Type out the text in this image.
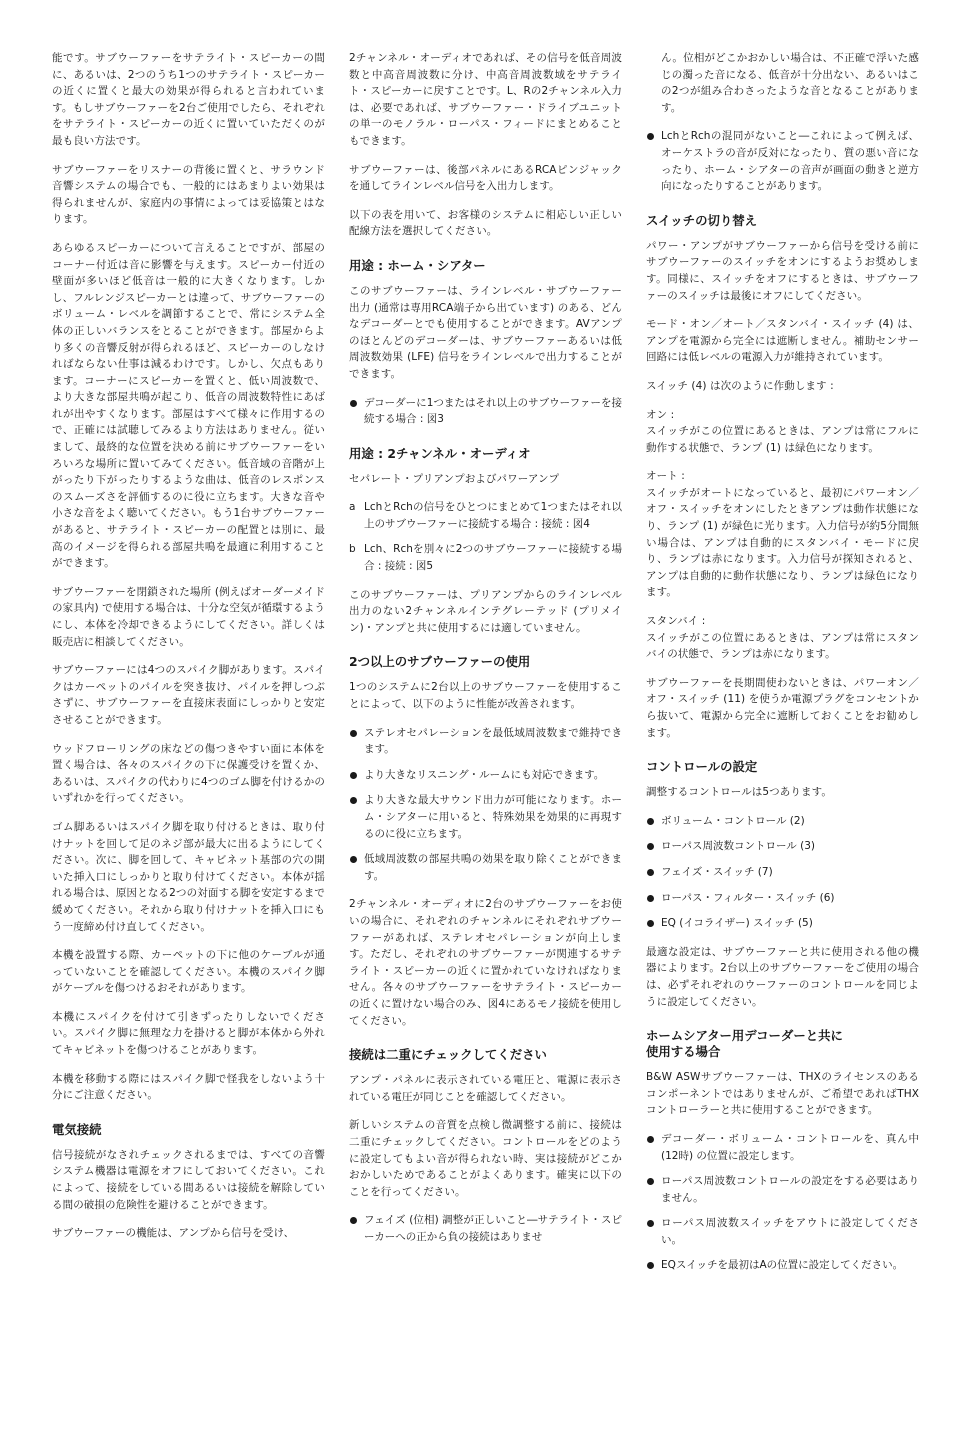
能です。サブウーファーをサテライト・スピーカーの間に、あるいは、2つのうち1つのサテライト・スピーカーの近くに置くと最大の効果が得られると言われています。もしサブウーファーを2台ご使用でしたら、それぞれをサテライト・スピーカーの近くに置いていただくのが最も良い方法です。

サブウーファーをリスナーの背後に置くと、サラウンド音響システムの場合でも、一般的にはあまりよい効果は得られませんが、家庭内の事情によっては妥協策とはなります。

あらゆるスピーカーについて言えることですが、部屋のコーナー付近は音に影響を与えます。スピーカー付近の壁面が多いほど低音は一般的に大きくなります。しかし、フルレンジスピーカーとは違って、サブウーファーのボリューム・レベルを調節することで、常にシステム全体の正しいバランスをとることができます。部屋からより多くの音響反射が得られるほど、スピーカーのしなければならない仕事は減るわけです。しかし、欠点もあります。コーナーにスピーカーを置くと、低い周波数で、より大きな部屋共鳴が起こり、低音の周波数特性にあばれが出やすくなります。部屋はすべて様々に作用するので、正確には試聴してみるより方法はありません。従いまして、最終的な位置を決める前にサブウーファーをいろいろな場所に置いてみてください。低音域の音階が上がったり下がったりするような曲は、低音のレスポンスのスムーズさを評価するのに役に立ちます。大きな音や小さな音をよく聴いてください。もう1台サブウーファーがあると、サテライト・スピーカーの配置とは別に、最高のイメージを得られる部屋共鳴を最適に利用することができます。

サブウーファーを閉鎖された場所 (例えばオーダーメイドの家具内) で使用する場合は、十分な空気が循環するようにし、本体を冷却できるようにしてください。詳しくは販売店に相談してください。

サブウーファーには4つのスパイク脚があります。スパイクはカーペットのパイルを突き抜け、パイルを押しつぶさずに、サブウーファーを直接床表面にしっかりと安定させることができます。

ウッドフローリングの床などの傷つきやすい面に本体を置く場合は、各々のスパイクの下に保護受けを置くか、あるいは、スパイクの代わりに4つのゴム脚を付けるかのいずれかを行ってください。

ゴム脚あるいはスパイク脚を取り付けるときは、取り付けナットを回して足のネジ部が最大に出るようにしてください。次に、脚を回して、キャビネット基部の穴の開いた挿入口にしっかりと取り付けてください。本体が揺れる場合は、原因となる2つの対面する脚を安定するまで緩めてください。それから取り付けナットを挿入口にもう一度締め付け直してください。

本機を設置する際、カーペットの下に他のケーブルが通っていないことを確認してください。本機のスパイク脚がケーブルを傷つけるおそれがあります。

本機にスパイクを付けて引きずったりしないでください。スパイク脚に無理な力を掛けると脚が本体から外れてキャビネットを傷つけることがあります。

本機を移動する際にはスパイク脚で怪我をしないよう十分にご注意ください。

電気接続

信号接続がなされチェックされるまでは、すべての音響システム機器は電源をオフにしておいてください。これによって、接続をしている間あるいは接続を解除している間の破損の危険性を避けることができます。

サブウーファーの機能は、アンプから信号を受け、

2チャンネル・オーディオであれば、その信号を低音周波数と中高音周波数に分け、中高音周波数域をサテライト・スピーカーに戻すことです。L、Rの2チャンネル入力は、必要であれば、サブウーファー・ドライブユニットの単一のモノラル・ローパス・フィードにまとめることもできます。

サブウーファーは、後部パネルにあるRCAピンジャックを通してラインレベル信号を入出力します。

以下の表を用いて、お客様のシステムに相応しい正しい配線方法を選択してください。

用途 : ホーム・シアター

このサブウーファーは、ラインレベル・サブウーファー出力 (通常は専用RCA端子から出ています) のある、どんなデコーダーとでも使用することができます。AVアンプのほとんどのデコーダーは、サブウーファーあるいは低周波数効果 (LFE) 信号をラインレベルで出力することができます。

デコーダーに1つまたはそれ以上のサブウーファーを接続する場合 : 図3
用途 : 2チャンネル・オーディオ

セパレート・プリアンプおよびパワーアンプ

a LchとRchの信号をひとつにまとめて1つまたはそれ以上のサブウーファーに接続する場合 : 接続 : 図4
b Lch、Rchを別々に2つのサブウーファーに接続する場合 : 接続 : 図5

このサブウーファーは、プリアンプからのラインレベル出力のない2チャンネルインテグレーテッド (プリメイン)・アンプと共に使用するには適していません。

2つ以上のサブウーファーの使用

1つのシステムに2台以上のサブウーファーを使用することによって、以下のように性能が改善されます。

ステレオセパレーションを最低域周波数まで維持できます。
より大きなリスニング・ルームにも対応できます。
より大きな最大サウンド出力が可能になります。ホーム・シアターに用いると、特殊効果を効果的に再現するのに役に立ちます。
低域周波数の部屋共鳴の効果を取り除くことができます。

2チャンネル・オーディオに2台のサブウーファーをお使いの場合に、それぞれのチャンネルにそれぞれサブウーファーがあれば、ステレオセパレーションが向上します。ただし、それぞれのサブウーファーが関連するサテライト・スピーカーの近くに置かれていなければなりません。各々のサブウーファーをサテライト・スピーカーの近くに置けない場合のみ、図4にあるモノ接続を使用してください。

接続は二重にチェックしてください

アンプ・パネルに表示されている電圧と、電源に表示されている電圧が同じことを確認してください。

新しいシステムの音質を点検し微調整する前に、接続は二重にチェックしてください。コントロールをどのように設定してもよい音が得られない時、実は接続がどこかおかしいためであることがよくあります。確実に以下のことを行ってください。

フェイズ (位相) 調整が正しいこと―サテライト・スピーカーへの正から負の接続はありませ

ん。位相がどこかおかしい場合は、不正確で浮いた感じの濁った音になる、低音が十分出ない、あるいはこの2つが組み合わさったような音となることがあります。

LchとRchの混同がないこと―これによって例えば、オーケストラの音が反対になったり、質の悪い音になったり、ホーム・シアターの音声が画面の動きと逆方向になったりすることがあります。
スイッチの切り替え

パワー・アンプがサブウーファーから信号を受ける前にサブウーファーのスイッチをオンにするようお奨めします。同様に、スイッチをオフにするときは、サブウーファーのスイッチは最後にオフにしてください。

モード・オン／オート／スタンバイ・スイッチ (4) は、アンプを電源から完全には遮断しません。補助センサー回路には低レベルの電源入力が維持されています。

スイッチ (4) は次のように作動します :

オン :

スイッチがこの位置にあるときは、アンプは常にフルに動作する状態で、ランプ (1) は緑色になります。

オート :

スイッチがオートになっていると、最初にパワーオン／オフ・スイッチをオンにしたときアンプは動作状態になり、ランプ (1) が緑色に光ります。入力信号が約5分間無い場合は、アンプは自動的にスタンバイ・モードに戻り、ランプは赤になります。入力信号が探知されると、アンプは自動的に動作状態になり、ランプは緑色になります。

スタンバイ :

スイッチがこの位置にあるときは、アンプは常にスタンバイの状態で、ランプは赤になります。

サブウーファーを長期間使わないときは、パワーオン／オフ・スイッチ (11) を使うか電源プラグをコンセントから抜いて、電源から完全に遮断しておくことをお勧めします。

コントロールの設定

調整するコントロールは5つあります。

ボリューム・コントロール (2)
ローパス周波数コントロール (3)
フェイズ・スイッチ (7)
ローパス・フィルター・スイッチ (6)
EQ (イコライザー) スイッチ (5)

最適な設定は、サブウーファーと共に使用される他の機器によります。2台以上のサブウーファーをご使用の場合は、必ずそれぞれのウーファーのコントロールを同じように設定してください。

ホームシアター用デコーダーと共に
使用する場合

B&W ASWサブウーファーは、THXのライセンスのあるコンポーネントではありませんが、ご希望であればTHXコントローラーと共に使用することができます。

デコーダー・ボリューム・コントロールを、真ん中 (12時) の位置に設定します。
ローパス周波数コントロールの設定をする必要はありません。
ローパス周波数スイッチをアウトに設定してください。
EQスイッチを最初はAの位置に設定してください。
